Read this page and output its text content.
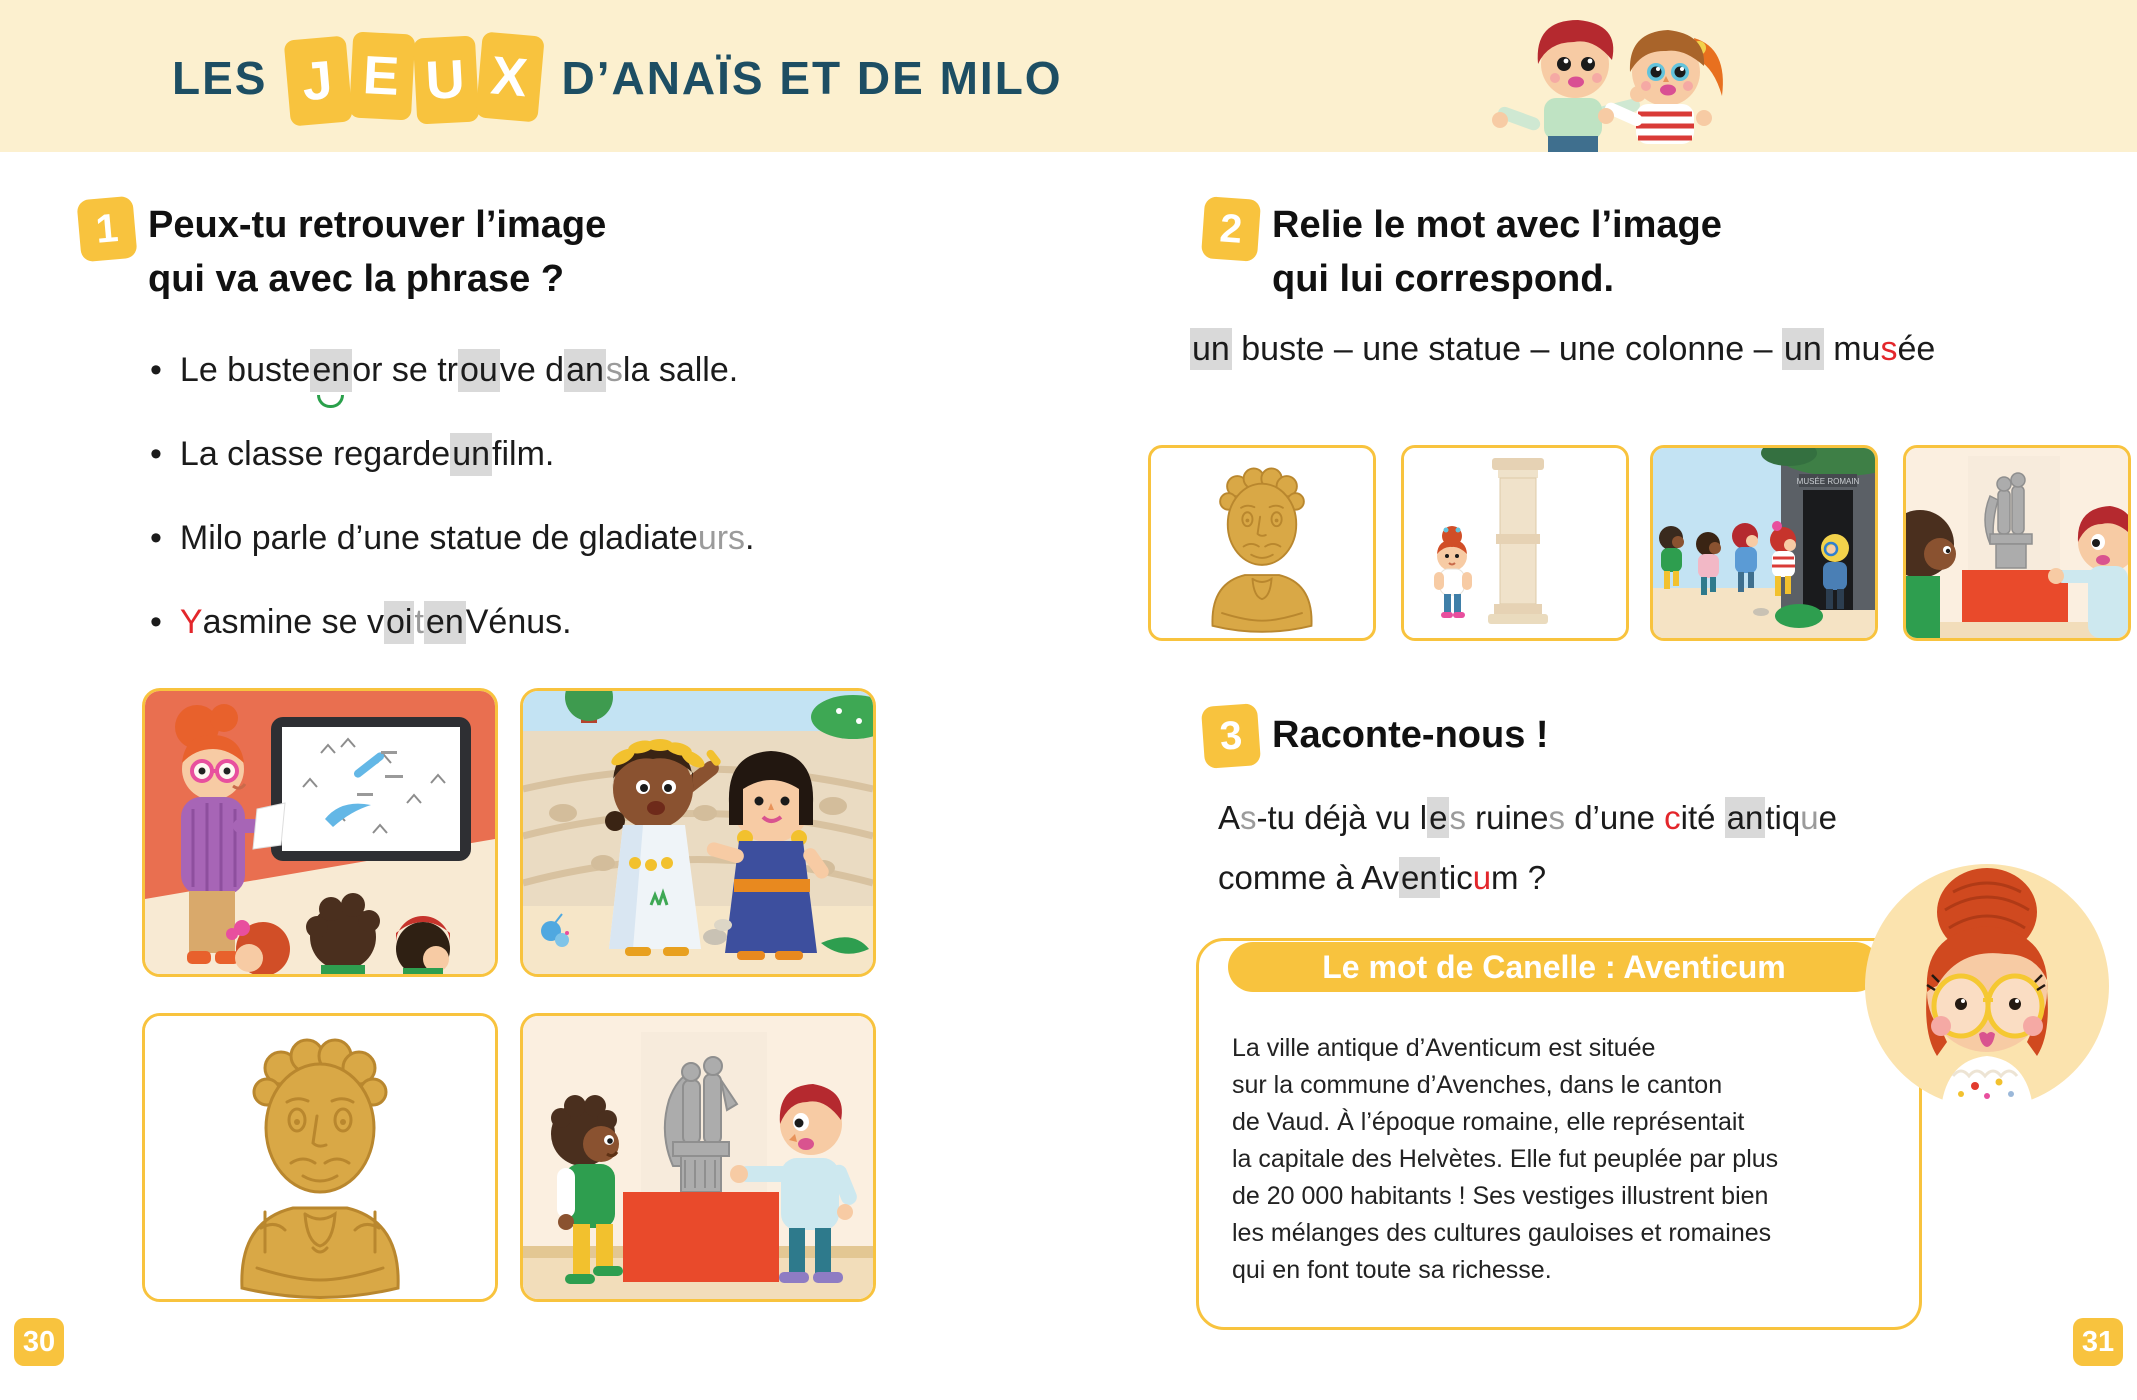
LES J E U X D’ANAÏS ET DE MILO
1 Peux-tu retrouver l’image
qui va avec la phrase ?
• Le buste en or se tr ou ve d an s la salle.
• La classe regarde un film.
• Milo parle d’une statue de gladiate urs .
• Y asmine se v oi t en Vénus.
30
2 Relie le mot avec l’image
qui lui correspond.
un buste – une statue – une colonne – un musée
MUSÉE ROMAIN
3 Raconte-nous !
As-tu déjà vu les ruines d’une cité antique
comme à Aventicum ?
Le mot de Canelle : Aventicum
La ville antique d’Aventicum est située
sur la commune d’Avenches, dans le canton
de Vaud. À l’époque romaine, elle représentait
la capitale des Helvètes. Elle fut peuplée par plus
de 20 000 habitants ! Ses vestiges illustrent bien
les mélanges des cultures gauloises et romaines
qui en font toute sa richesse.
31
